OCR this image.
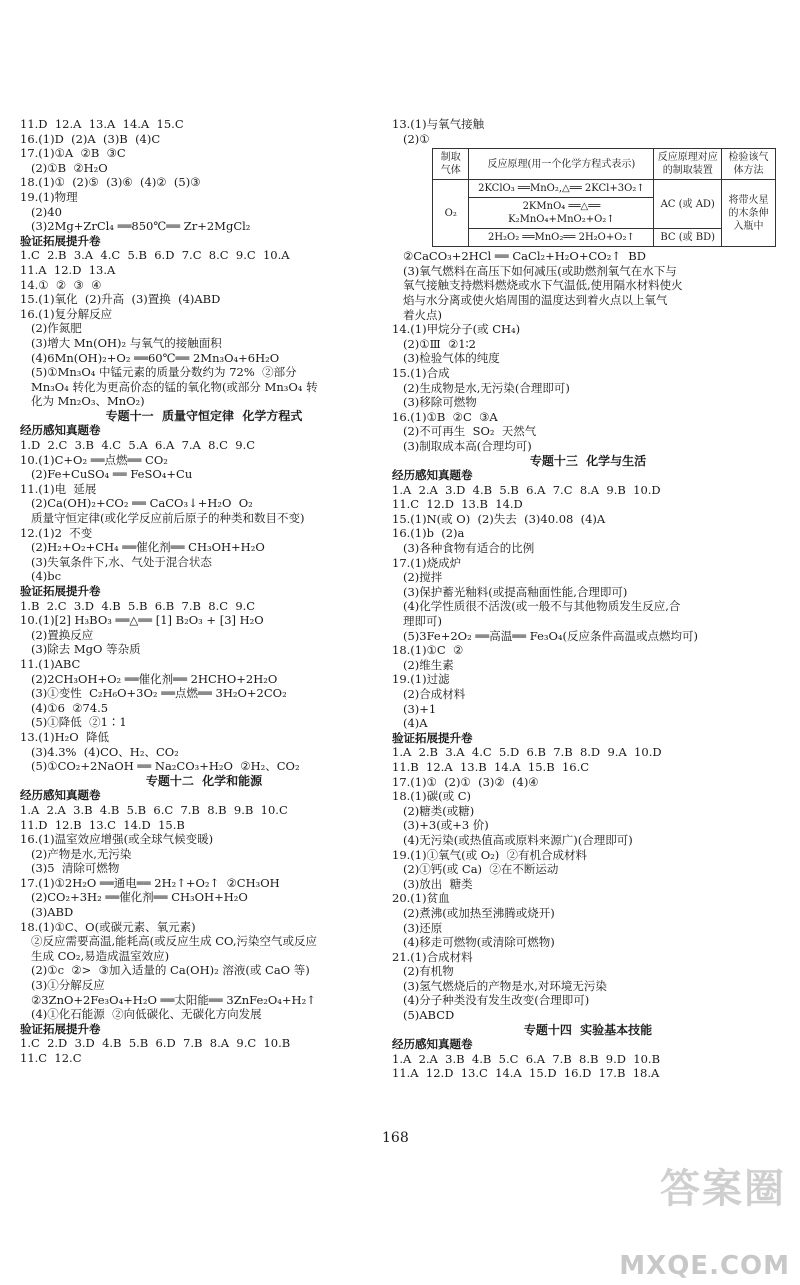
11.D  12.A  13.A  14.A  15.C
16.(1)D  (2)A  (3)B  (4)C
17.(1)①A  ②B  ③C
(2)①B  ②H₂O
18.(1)①  (2)⑤  (3)⑥  (4)②  (5)③
19.(1)物理
(2)40
(3)2Mg+ZrCl₄ ══850℃══ Zr+2MgCl₂
验证拓展提升卷
1.C  2.B  3.A  4.C  5.B  6.D  7.C  8.C  9.C  10.A
11.A  12.D  13.A
14.①  ②  ③  ④
15.(1)氧化  (2)升高  (3)置换  (4)ABD
16.(1)复分解反应
(2)作氮肥
(3)增大 Mn(OH)₂ 与氧气的接触面积
(4)6Mn(OH)₂+O₂ ══60℃══ 2Mn₃O₄+6H₂O
(5)①Mn₃O₄ 中锰元素的质量分数约为 72%  ②部分
Mn₃O₄ 转化为更高价态的锰的氧化物(或部分 Mn₃O₄ 转
化为 Mn₂O₃、MnO₂)
专题十一  质量守恒定律  化学方程式
经历感知真题卷
1.D  2.C  3.B  4.C  5.A  6.A  7.A  8.C  9.C
10.(1)C+O₂ ══点燃══ CO₂
(2)Fe+CuSO₄ ══ FeSO₄+Cu
11.(1)电  延展
(2)Ca(OH)₂+CO₂ ══ CaCO₃↓+H₂O  O₂
质量守恒定律(或化学反应前后原子的种类和数目不变)
12.(1)2  不变
(2)H₂+O₂+CH₄ ══催化剂══ CH₃OH+H₂O
(3)失氧条件下,水、气处于混合状态
(4)bc
验证拓展提升卷
1.B  2.C  3.D  4.B  5.B  6.B  7.B  8.C  9.C
10.(1)[2] H₃BO₃ ══△══ [1] B₂O₃ + [3] H₂O
(2)置换反应
(3)除去 MgO 等杂质
11.(1)ABC
(2)2CH₃OH+O₂ ══催化剂══ 2HCHO+2H₂O
(3)①变性  C₂H₆O+3O₂ ══点燃══ 3H₂O+2CO₂
(4)①6  ②74.5
(5)①降低  ②1∶1
13.(1)H₂O  降低
(3)4.3%  (4)CO、H₂、CO₂
(5)①CO₂+2NaOH ══ Na₂CO₃+H₂O  ②H₂、CO₂
专题十二  化学和能源
经历感知真题卷
1.A  2.A  3.B  4.B  5.B  6.C  7.B  8.B  9.B  10.C
11.D  12.B  13.C  14.D  15.B
16.(1)温室效应增强(或全球气候变暖)
(2)产物是水,无污染
(3)5  清除可燃物
17.(1)①2H₂O ══通电══ 2H₂↑+O₂↑  ②CH₃OH
(2)CO₂+3H₂ ══催化剂══ CH₃OH+H₂O
(3)ABD
18.(1)①C、O(或碳元素、氧元素)
②反应需要高温,能耗高(或反应生成 CO,污染空气或反应
生成 CO₂,易造成温室效应)
(2)①c  ②>  ③加入适量的 Ca(OH)₂ 溶液(或 CaO 等)
(3)①分解反应
②3ZnO+2Fe₃O₄+H₂O ══太阳能══ 3ZnFe₂O₄+H₂↑
(4)①化石能源  ②向低碳化、无碳化方向发展
验证拓展提升卷
1.C  2.D  3.D  4.B  5.B  6.D  7.B  8.A  9.C  10.B
11.C  12.C
13.(1)与氧气接触
(2)①
制取气体	反应原理(用一个化学方程式表示)	反应原理对应的制取装置	检验该气体方法
O₂	2KClO₃ ══MnO₂,△══ 2KCl+3O₂↑	AC (或 AD)	将带火星的木条伸入瓶中
	2KMnO₄ ══△══ K₂MnO₄+MnO₂+O₂↑		
	2H₂O₂ ══MnO₂══ 2H₂O+O₂↑	BC (或 BD)	
②CaCO₃+2HCl ══ CaCl₂+H₂O+CO₂↑  BD
(3)氧气燃料在高压下如何减压(或助燃剂氧气在水下与
氧气接触支持燃料燃烧或水下气温低,使用隔水材料使火
焰与水分离或使火焰周围的温度达到着火点以上氧气
着火点)
14.(1)甲烷分子(或 CH₄)
(2)①Ⅲ  ②1∶2
(3)检验气体的纯度
15.(1)合成
(2)生成物是水,无污染(合理即可)
(3)移除可燃物
16.(1)①B  ②C  ③A
(2)不可再生  SO₂  天然气
(3)制取成本高(合理均可)
专题十三  化学与生活
经历感知真题卷
1.A  2.A  3.D  4.B  5.B  6.A  7.C  8.A  9.B  10.D
11.C  12.D  13.B  14.D
15.(1)N(或 O)  (2)失去  (3)40.08  (4)A
16.(1)b  (2)a
(3)各种食物有适合的比例
17.(1)烧成炉
(2)搅拌
(3)保护蓄光釉料(或提高釉面性能,合理即可)
(4)化学性质很不活泼(或一般不与其他物质发生反应,合
理即可)
(5)3Fe+2O₂ ══高温══ Fe₃O₄(反应条件高温或点燃均可)
18.(1)①C  ②
(2)维生素
19.(1)过滤
(2)合成材料
(3)+1
(4)A
验证拓展提升卷
1.A  2.B  3.A  4.C  5.D  6.B  7.B  8.D  9.A  10.D
11.B  12.A  13.B  14.A  15.B  16.C
17.(1)①  (2)①  (3)②  (4)④
18.(1)碳(或 C)
(2)糖类(或糖)
(3)+3(或+3 价)
(4)无污染(或热值高或原料来源广)(合理即可)
19.(1)①氧气(或 O₂)  ②有机合成材料
(2)①钙(或 Ca)  ②在不断运动
(3)放出  糖类
20.(1)贫血
(2)煮沸(或加热至沸腾或烧开)
(3)还原
(4)移走可燃物(或清除可燃物)
21.(1)合成材料
(2)有机物
(3)氢气燃烧后的产物是水,对环境无污染
(4)分子种类没有发生改变(合理即可)
(5)ABCD
专题十四  实验基本技能
经历感知真题卷
1.A  2.A  3.B  4.B  5.C  6.A  7.B  8.B  9.D  10.B
11.A  12.D  13.C  14.A  15.D  16.D  17.B  18.A
168
答案圈
MXQE.COM
